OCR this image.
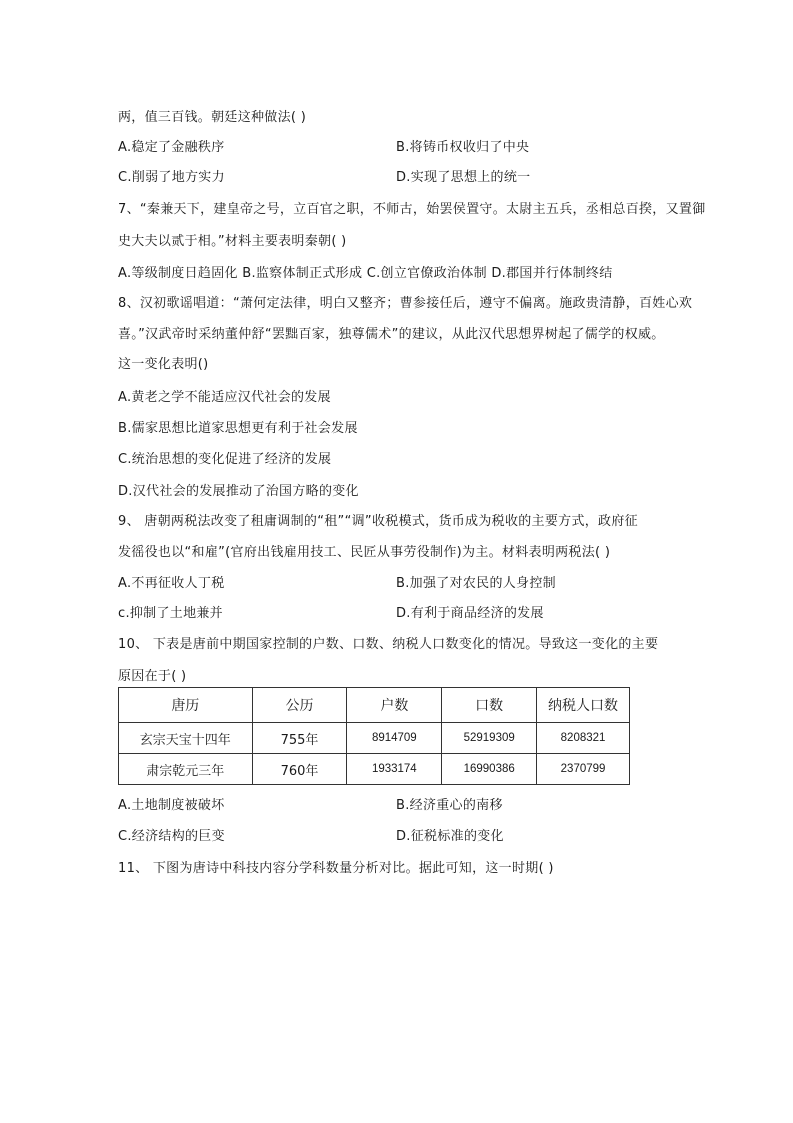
两，值三百钱。朝廷这种做法( )
A.稳定了金融秩序	B.将铸币权收归了中央
C.削弱了地方实力	D.实现了思想上的统一
7、“秦兼天下，建皇帝之号，立百官之职，不师古，始罢侯置守。太尉主五兵，丞相总百揆，又置御
史大夫以贰于相。”材料主要表明秦朝( )
A.等级制度日趋固化 B.监察体制正式形成 C.创立官僚政治体制 D.郡国并行体制终结
8、汉初歌谣唱道：“萧何定法律，明白又整齐；曹参接任后，遵守不偏离。施政贵清静，百姓心欢
喜。”汉武帝时采纳董仲舒“罢黜百家，独尊儒术”的建议，从此汉代思想界树起了儒学的权威。
这一变化表明()
A.黄老之学不能适应汉代社会的发展
B.儒家思想比道家思想更有利于社会发展
C.统治思想的变化促进了经济的发展
D.汉代社会的发展推动了治国方略的变化
9、 唐朝两税法改变了租庸调制的“租”“调”收税模式，货币成为税收的主要方式，政府征
发徭役也以“和雇”(官府出钱雇用技工、民匠从事劳役制作)为主。材料表明两税法( )
A.不再征收人丁税	B.加强了对农民的人身控制
c.抑制了土地兼并	D.有利于商品经济的发展
10、 下表是唐前中期国家控制的户数、口数、纳税人口数变化的情况。导致这一变化的主要
原因在于( )
唐历	公历	户数	口数	纳税人口数
玄宗天宝十四年	755年	8914709	52919309	8208321
肃宗乾元三年	760年	1933174	16990386	2370799
A.土地制度被破坏	B.经济重心的南移
C.经济结构的巨变	D.征税标准的变化
11、 下图为唐诗中科技内容分学科数量分析对比。据此可知，这一时期( )
